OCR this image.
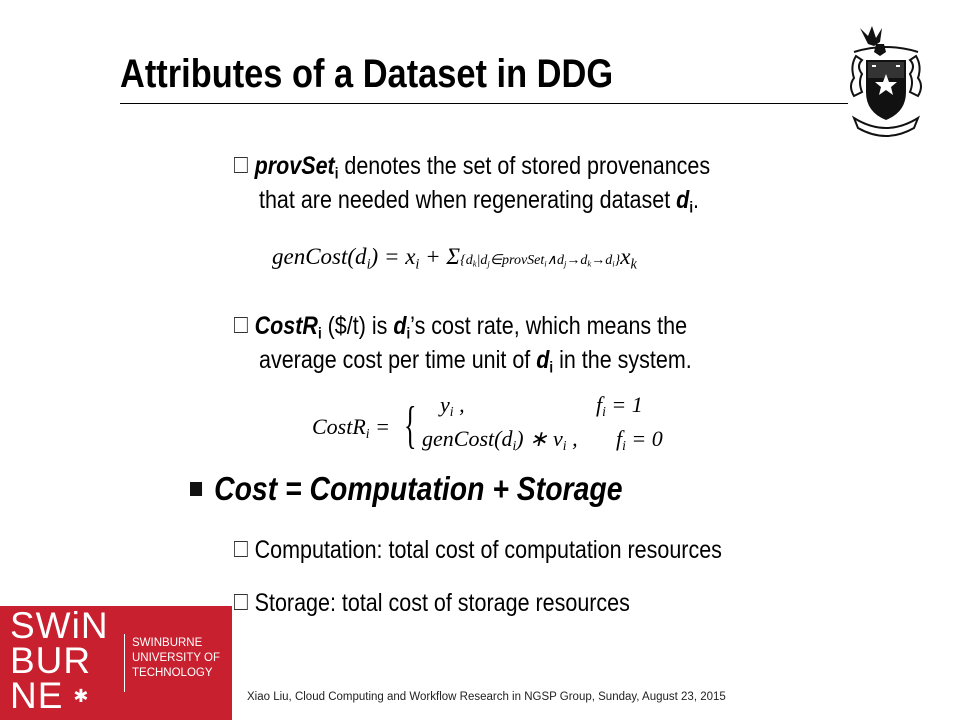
Attributes of a Dataset in DDG
provSet$_i$ denotes the set of stored provenances
that are needed when regenerating dataset $d_i$.
$genCost(d_i) = x_i$ + $\Sigma\{d_k|d_j\in provSet_i\wedge d_j\to d_k\to d_i\}x_k$
CostR$_i$ ($/t) is $d_i’s$ cost rate, which means the
average cost per time unit of $d_i$ in the system.
CostR$_i$ = { $y_i$ ,	$f_i = 1$
$genCost(d_i)$ ∗ $v_i$ , $f_i = 0$
Cost = Computation + Storage
Computation: total cost of computation resources
Storage: total cost of storage resources
SWiN
BUR
NE ✱
SWINBURNE
UNIVERSITY OF
TECHNOLOGY
Xiao Liu, Cloud Computing and Workflow Research in NGSP Group, Sunday, August 23, 2015
